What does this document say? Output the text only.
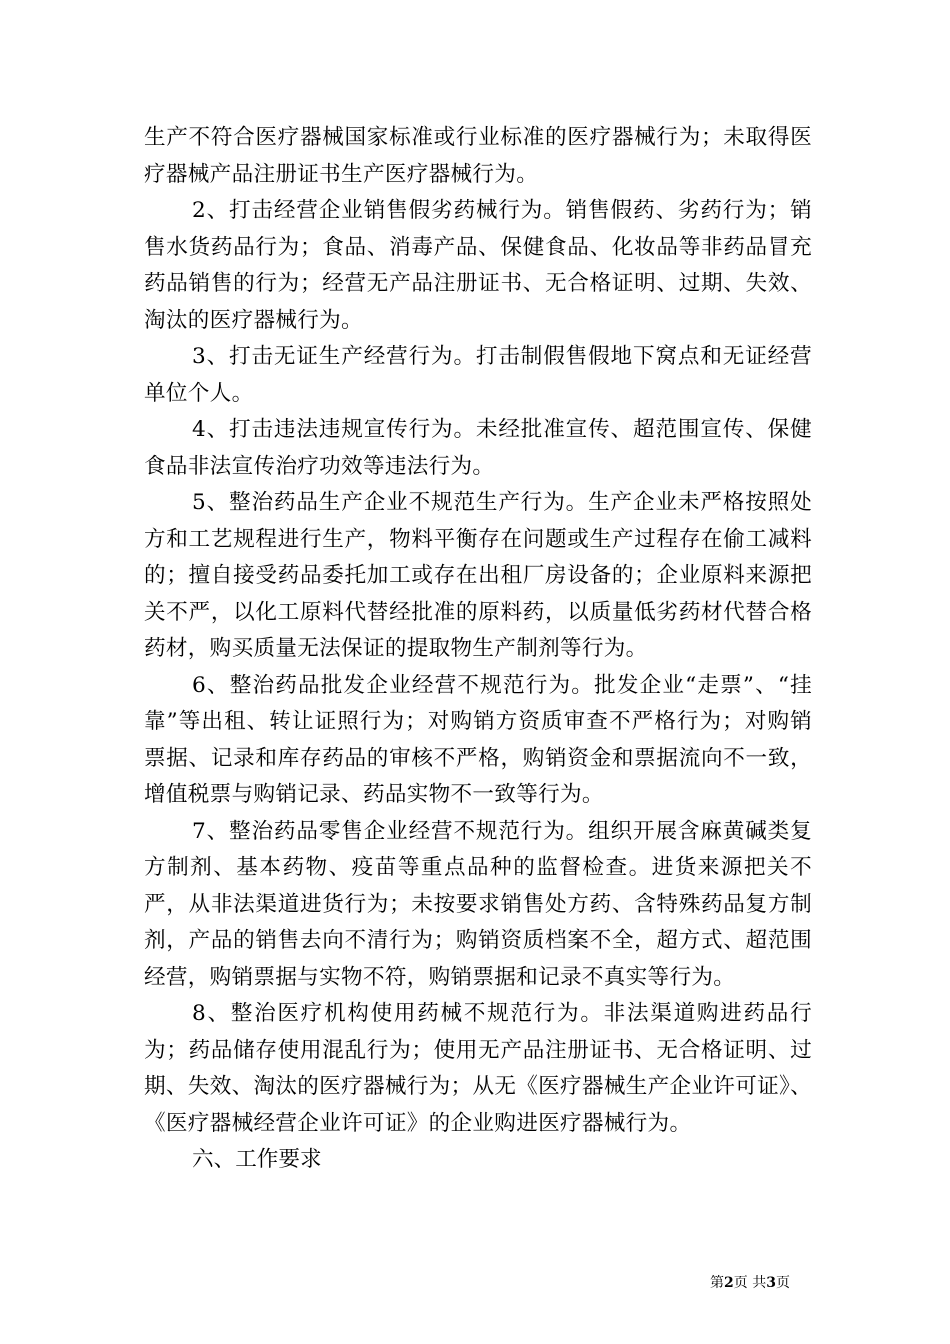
生产不符合医疗器械国家标准或行业标准的医疗器械行为；未取得医疗器械产品注册证书生产医疗器械行为。

2、打击经营企业销售假劣药械行为。销售假药、劣药行为；销售水货药品行为；食品、消毒产品、保健食品、化妆品等非药品冒充药品销售的行为；经营无产品注册证书、无合格证明、过期、失效、淘汰的医疗器械行为。

3、打击无证生产经营行为。打击制假售假地下窝点和无证经营单位个人。

4、打击违法违规宣传行为。未经批准宣传、超范围宣传、保健食品非法宣传治疗功效等违法行为。

5、整治药品生产企业不规范生产行为。生产企业未严格按照处方和工艺规程进行生产，物料平衡存在问题或生产过程存在偷工减料的；擅自接受药品委托加工或存在出租厂房设备的；企业原料来源把关不严，以化工原料代替经批准的原料药，以质量低劣药材代替合格药材，购买质量无法保证的提取物生产制剂等行为。

6、整治药品批发企业经营不规范行为。批发企业“走票”、“挂靠”等出租、转让证照行为；对购销方资质审查不严格行为；对购销票据、记录和库存药品的审核不严格，购销资金和票据流向不一致，增值税票与购销记录、药品实物不一致等行为。

7、整治药品零售企业经营不规范行为。组织开展含麻黄碱类复方制剂、基本药物、疫苗等重点品种的监督检查。进货来源把关不严，从非法渠道进货行为；未按要求销售处方药、含特殊药品复方制剂，产品的销售去向不清行为；购销资质档案不全，超方式、超范围经营，购销票据与实物不符，购销票据和记录不真实等行为。

8、整治医疗机构使用药械不规范行为。非法渠道购进药品行为；药品储存使用混乱行为；使用无产品注册证书、无合格证明、过期、失效、淘汰的医疗器械行为；从无《医疗器械生产企业许可证》、《医疗器械经营企业许可证》的企业购进医疗器械行为。

六、工作要求

第2页 共3页
